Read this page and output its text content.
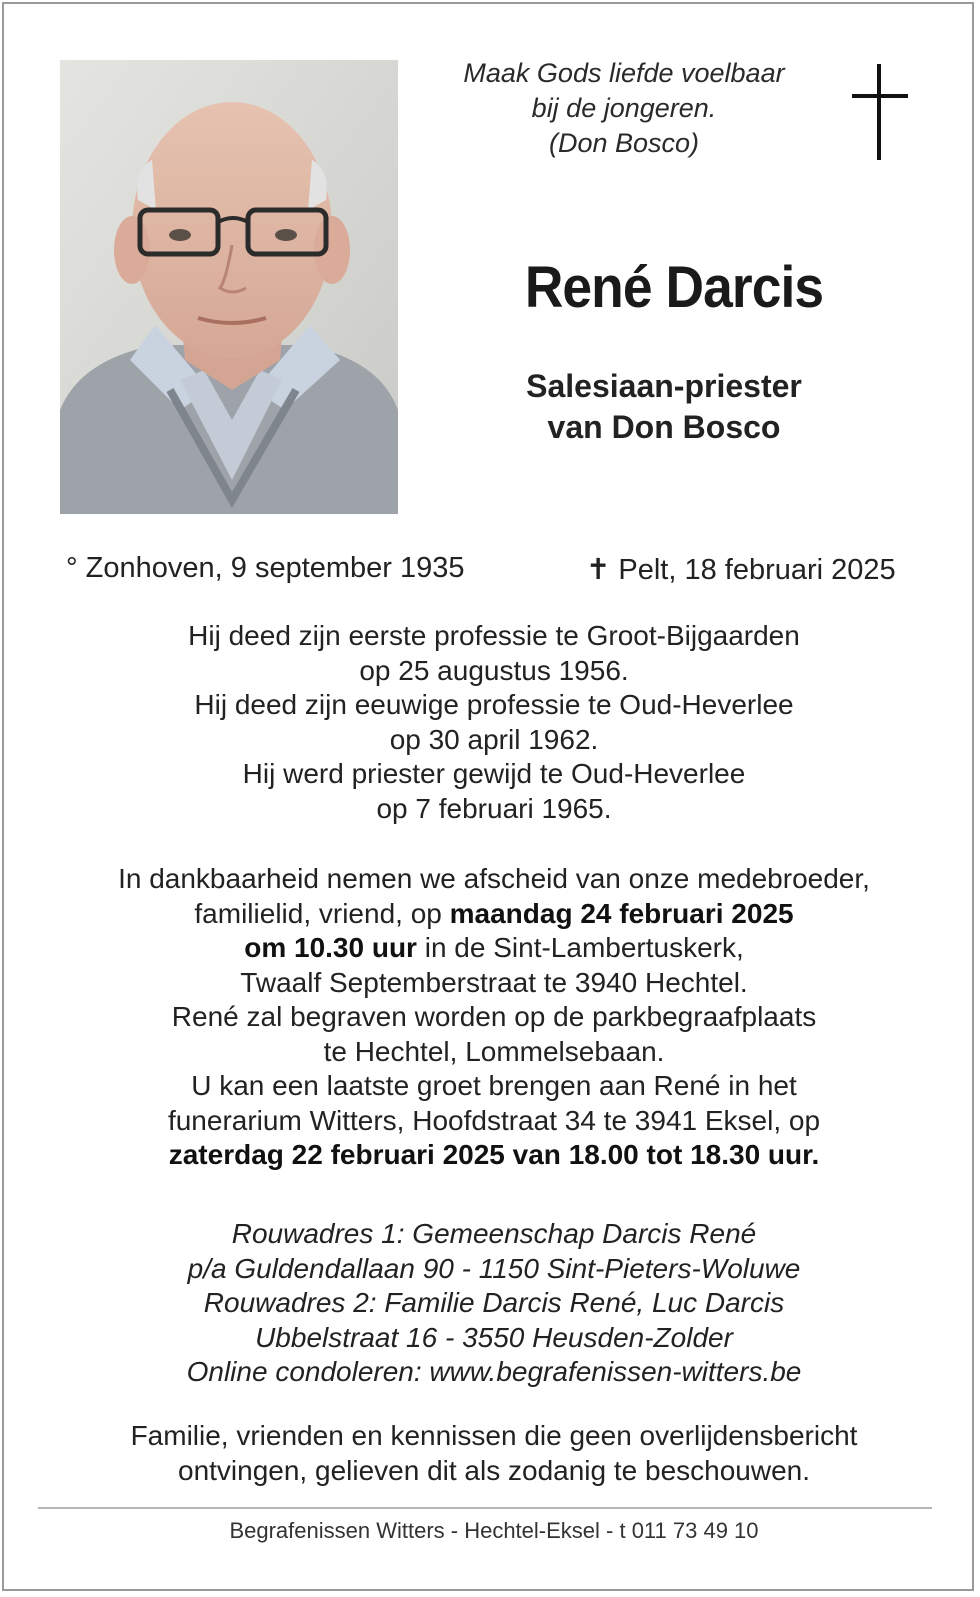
Maak Gods liefde voelbaar
bij de jongeren.
(Don Bosco)
René Darcis
Salesiaan-priester
van Don Bosco
° Zonhoven, 9 september 1935	✝ Pelt, 18 februari 2025
Hij deed zijn eerste professie te Groot-Bijgaarden
op 25 augustus 1956.
Hij deed zijn eeuwige professie te Oud-Heverlee
op 30 april 1962.
Hij werd priester gewijd te Oud-Heverlee
op 7 februari 1965.
In dankbaarheid nemen we afscheid van onze medebroeder,
familielid, vriend, op maandag 24 februari 2025
om 10.30 uur in de Sint-Lambertuskerk,
Twaalf Septemberstraat te 3940 Hechtel.
René zal begraven worden op de parkbegraafplaats
te Hechtel, Lommelsebaan.
U kan een laatste groet brengen aan René in het
funerarium Witters, Hoofdstraat 34 te 3941 Eksel, op
zaterdag 22 februari 2025 van 18.00 tot 18.30 uur.
Rouwadres 1: Gemeenschap Darcis René
p/a Guldendallaan 90 - 1150 Sint-Pieters-Woluwe
Rouwadres 2: Familie Darcis René, Luc Darcis
Ubbelstraat 16 - 3550 Heusden-Zolder
Online condoleren: www.begrafenissen-witters.be
Familie, vrienden en kennissen die geen overlijdensbericht
ontvingen, gelieven dit als zodanig te beschouwen.
Begrafenissen Witters - Hechtel-Eksel - t 011 73 49 10
